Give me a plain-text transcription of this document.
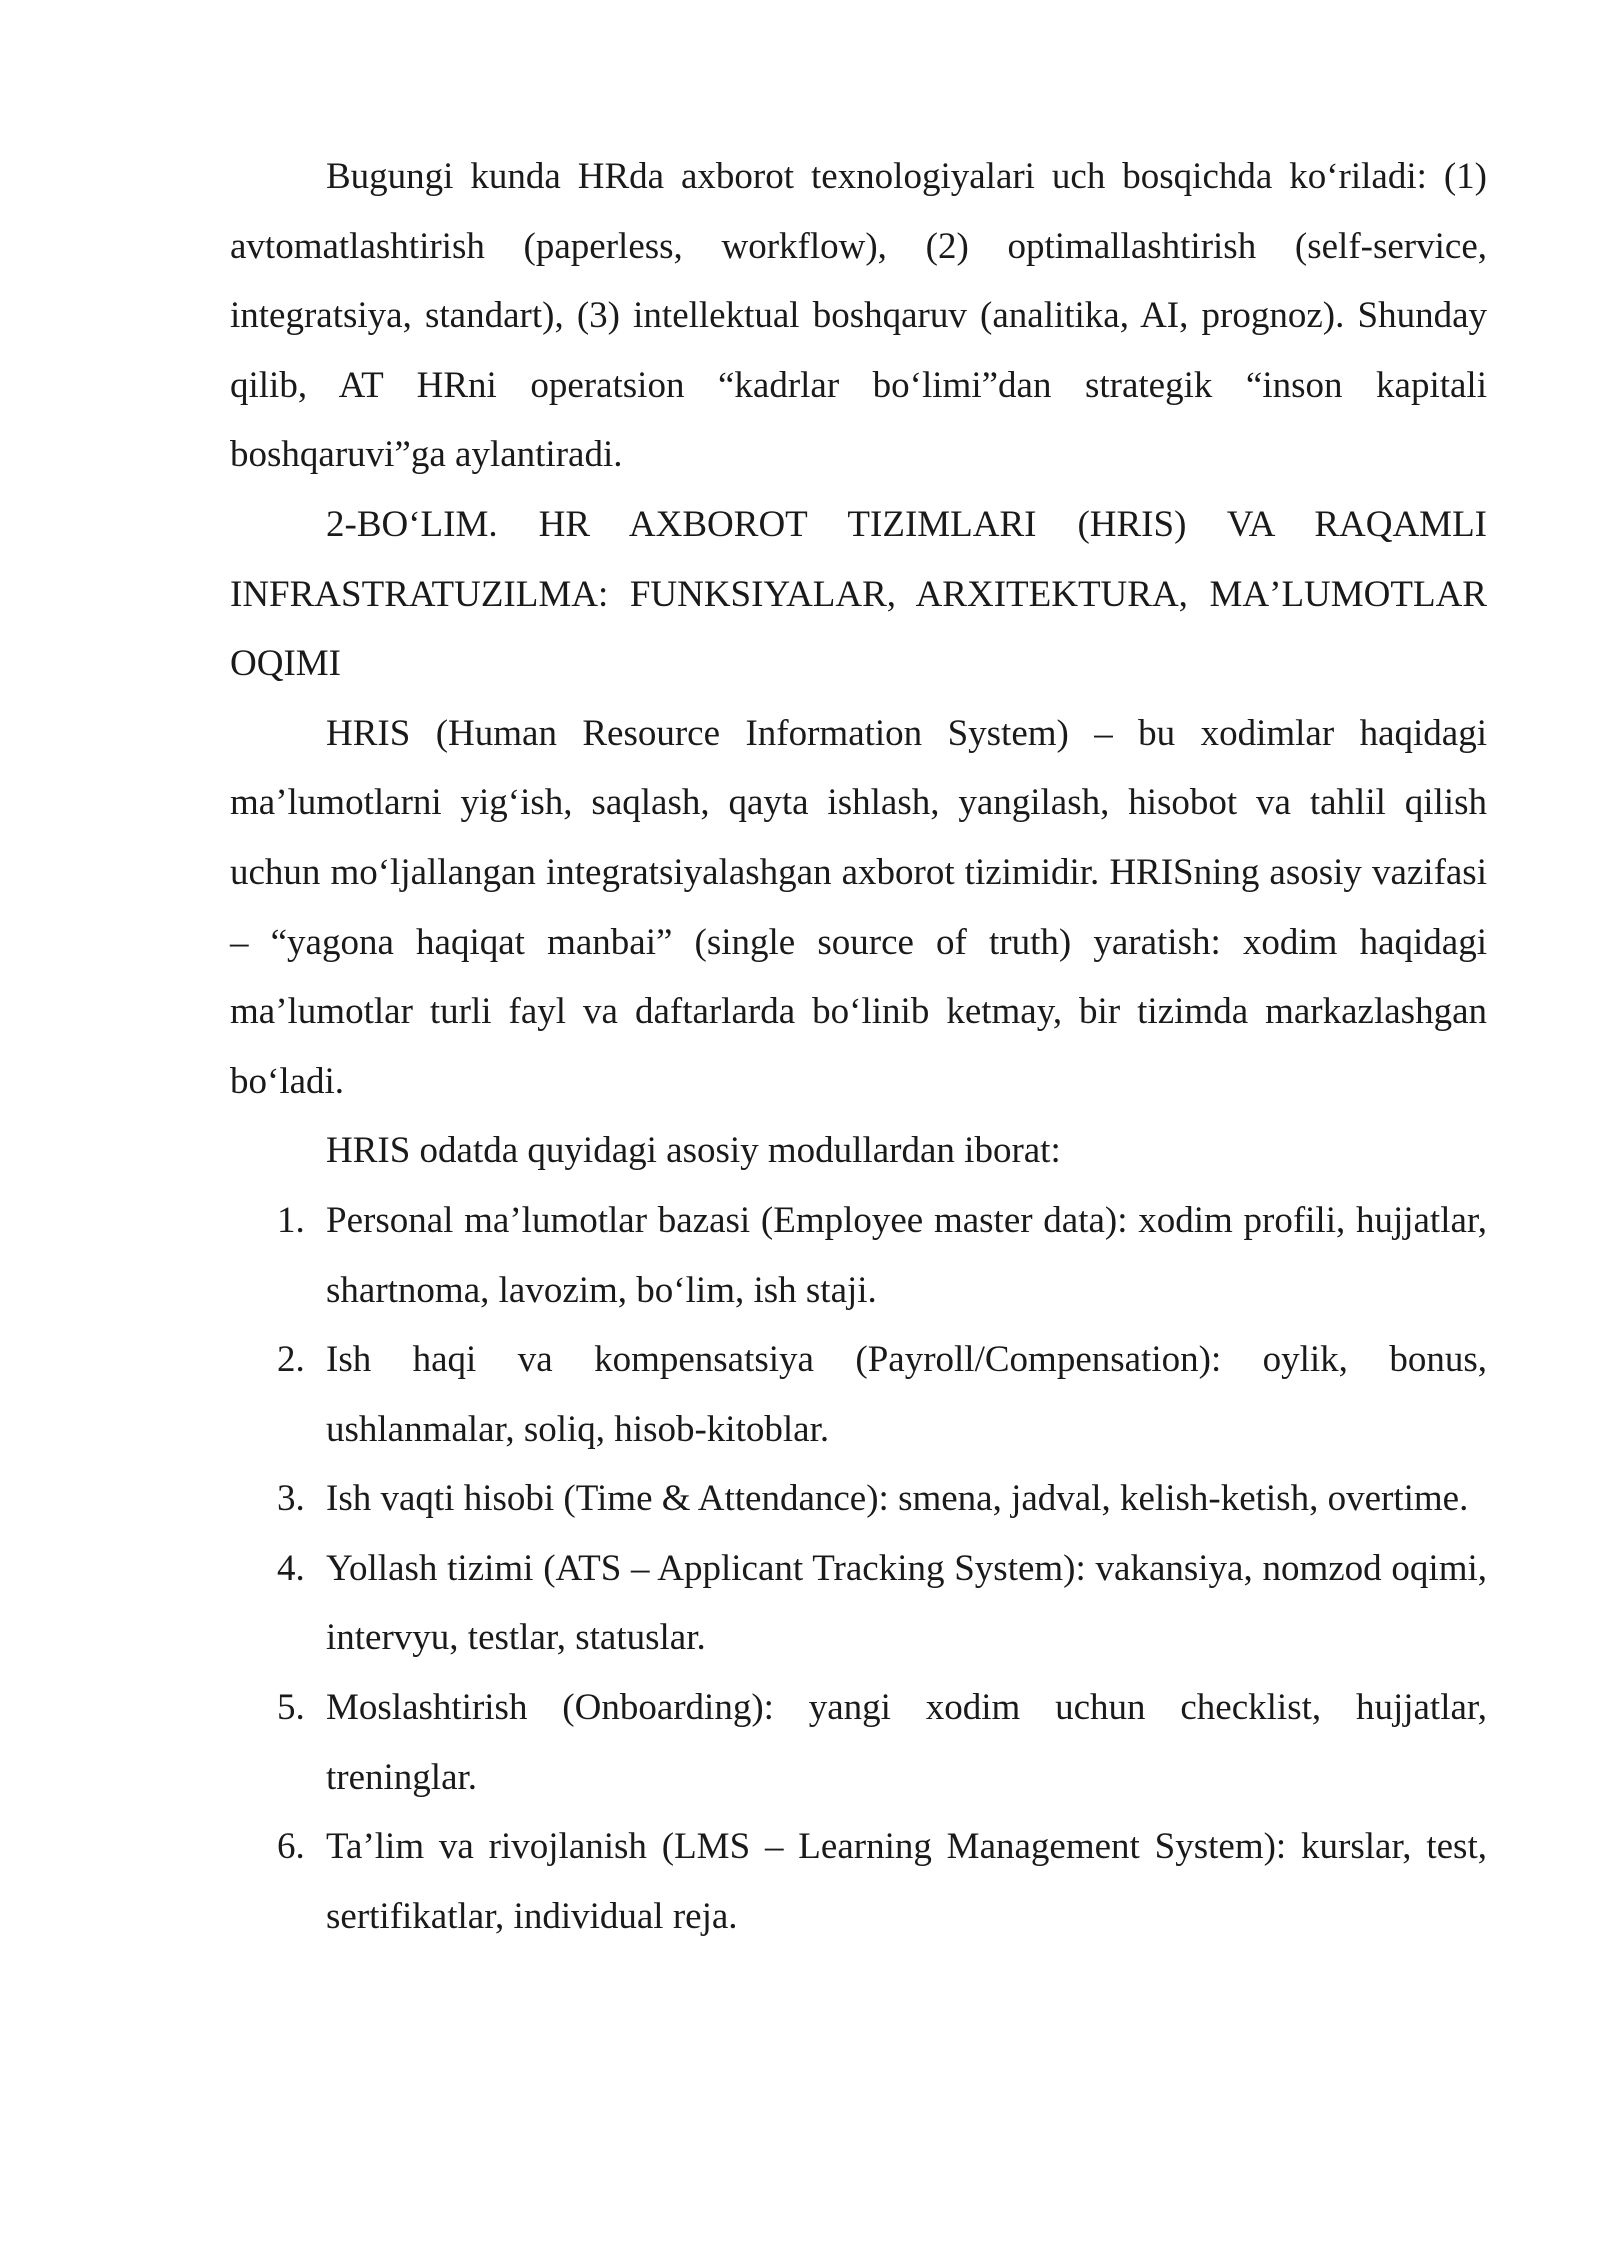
Bugungi kunda HRda axborot texnologiyalari uch bosqichda koʻriladi: (1) avtomatlashtirish (paperless, workflow), (2) optimallashtirish (self-service, integratsiya, standart), (3) intellektual boshqaruv (analitika, AI, prognoz). Shunday qilib, AT HRni operatsion “kadrlar boʻlimi”dan strategik “inson kapitali boshqaruvi”ga aylantiradi.

2-BOʻLIM. HR AXBOROT TIZIMLARI (HRIS) VA RAQAMLI INFRASTRATUZILMA: FUNKSIYALAR, ARXITEKTURA, MAʼLUMOTLAR OQIMI

HRIS (Human Resource Information System) – bu xodimlar haqidagi maʼlumotlarni yigʻish, saqlash, qayta ishlash, yangilash, hisobot va tahlil qilish uchun moʻljallangan integratsiyalashgan axborot tizimidir. HRISning asosiy vazifasi – “yagona haqiqat manbai” (single source of truth) yaratish: xodim haqidagi maʼlumotlar turli fayl va daftarlarda boʻlinib ketmay, bir tizimda markazlashgan boʻladi.

HRIS odatda quyidagi asosiy modullardan iborat:

1. Personal maʼlumotlar bazasi (Employee master data): xodim profili, hujjatlar, shartnoma, lavozim, boʻlim, ish staji.
2. Ish haqi va kompensatsiya (Payroll/Compensation): oylik, bonus, ushlanmalar, soliq, hisob-kitoblar.
3. Ish vaqti hisobi (Time & Attendance): smena, jadval, kelish-ketish, overtime.
4. Yollash tizimi (ATS – Applicant Tracking System): vakansiya, nomzod oqimi, intervyu, testlar, statuslar.
5. Moslashtirish (Onboarding): yangi xodim uchun checklist, hujjatlar, treninglar.
6. Taʼlim va rivojlanish (LMS – Learning Management System): kurslar, test, sertifikatlar, individual reja.
